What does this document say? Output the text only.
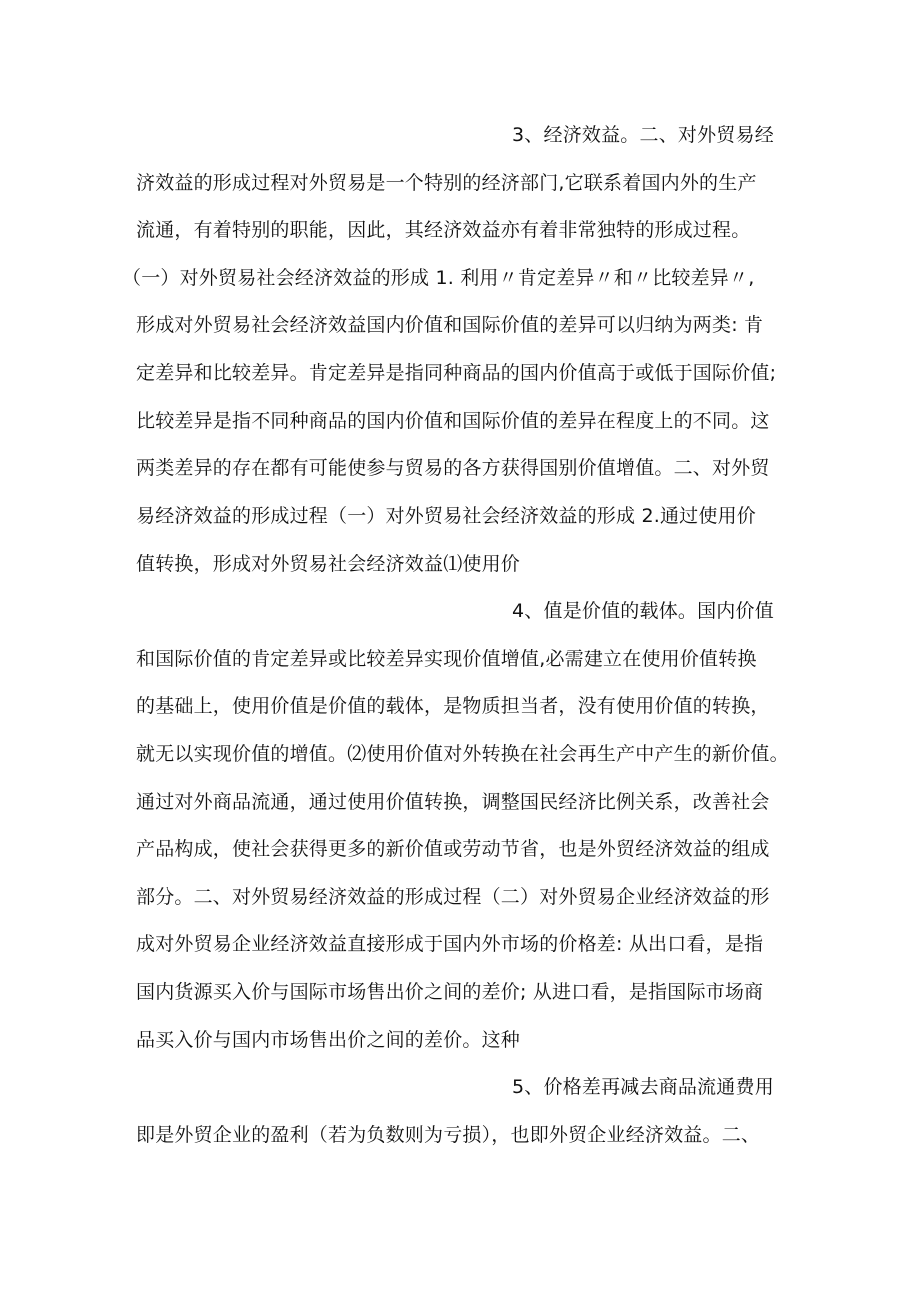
3、经济效益。二、对外贸易经
济效益的形成过程对外贸易是一个特别的经济部门,它联系着国内外的生产
流通，有着特别的职能，因此，其经济效益亦有着非常独特的形成过程。
（一）对外贸易社会经济效益的形成 1. 利用〃肯定差异〃和〃比较差异〃,
形成对外贸易社会经济效益国内价值和国际价值的差异可以归纳为两类: 肯
定差异和比较差异。肯定差异是指同种商品的国内价值高于或低于国际价值;
比较差异是指不同种商品的国内价值和国际价值的差异在程度上的不同。这
两类差异的存在都有可能使参与贸易的各方获得国别价值增值。二、对外贸
易经济效益的形成过程（一）对外贸易社会经济效益的形成 2.通过使用价
值转换，形成对外贸易社会经济效益⑴使用价
4、值是价值的载体。国内价值
和国际价值的肯定差异或比较差异实现价值增值,必需建立在使用价值转换
的基础上，使用价值是价值的载体，是物质担当者，没有使用价值的转换，
就无以实现价值的增值。⑵使用价值对外转换在社会再生产中产生的新价值。
通过对外商品流通，通过使用价值转换，调整国民经济比例关系，改善社会
产品构成，使社会获得更多的新价值或劳动节省，也是外贸经济效益的组成
部分。二、对外贸易经济效益的形成过程（二）对外贸易企业经济效益的形
成对外贸易企业经济效益直接形成于国内外市场的价格差: 从出口看，是指
国内货源买入价与国际市场售出价之间的差价; 从进口看，是指国际市场商
品买入价与国内市场售出价之间的差价。这种
5、价格差再减去商品流通费用
即是外贸企业的盈利（若为负数则为亏损），也即外贸企业经济效益。二、
